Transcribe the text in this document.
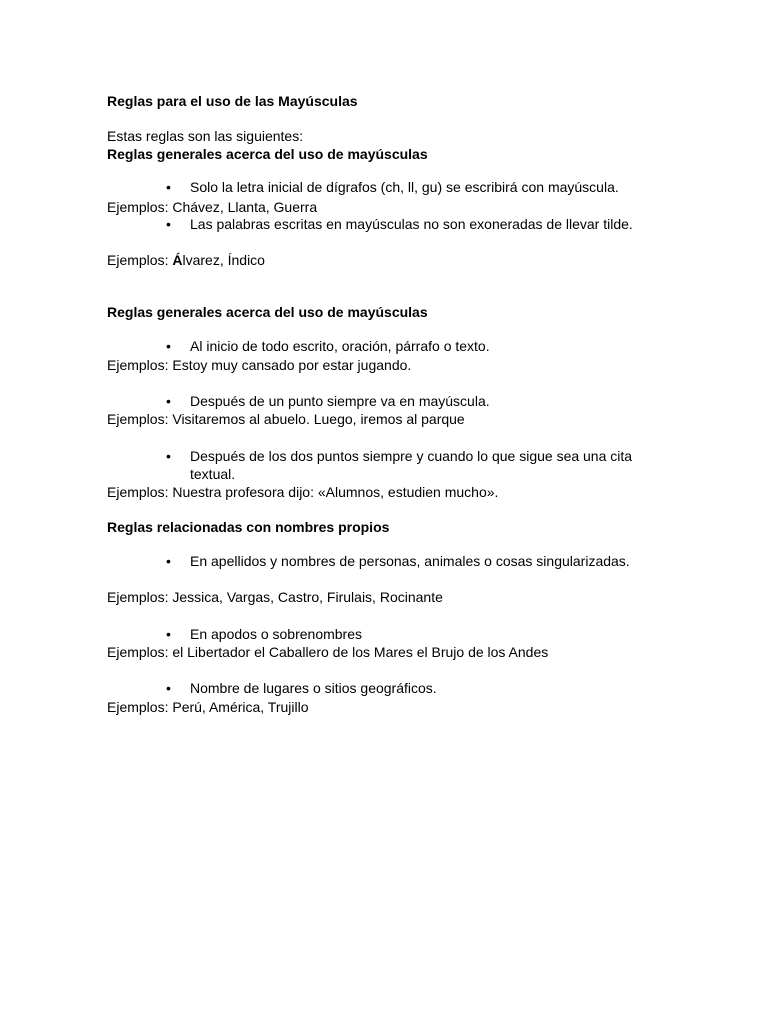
Reglas para el uso de las Mayúsculas
Estas reglas son las siguientes:
Reglas generales acerca del uso de mayúsculas
•	Solo la letra inicial de dígrafos (ch, ll, gu) se escribirá con mayúscula.
Ejemplos: Chávez, Llanta, Guerra
•	Las palabras escritas en mayúsculas no son exoneradas de llevar tilde.
Ejemplos: Álvarez, Índico
Reglas generales acerca del uso de mayúsculas
•	Al inicio de todo escrito, oración, párrafo o texto.
Ejemplos: Estoy muy cansado por estar jugando.
•	Después de un punto siempre va en mayúscula.
Ejemplos: Visitaremos al abuelo. Luego, iremos al parque
•	Después de los dos puntos siempre y cuando lo que sigue sea una cita textual.
Ejemplos: Nuestra profesora dijo: «Alumnos, estudien mucho».
Reglas relacionadas con nombres propios
•	En apellidos y nombres de personas, animales o cosas singularizadas.
Ejemplos: Jessica, Vargas, Castro, Firulais, Rocinante
•	En apodos o sobrenombres
Ejemplos: el Libertador el Caballero de los Mares el Brujo de los Andes
•	Nombre de lugares o sitios geográficos.
Ejemplos: Perú, América, Trujillo
